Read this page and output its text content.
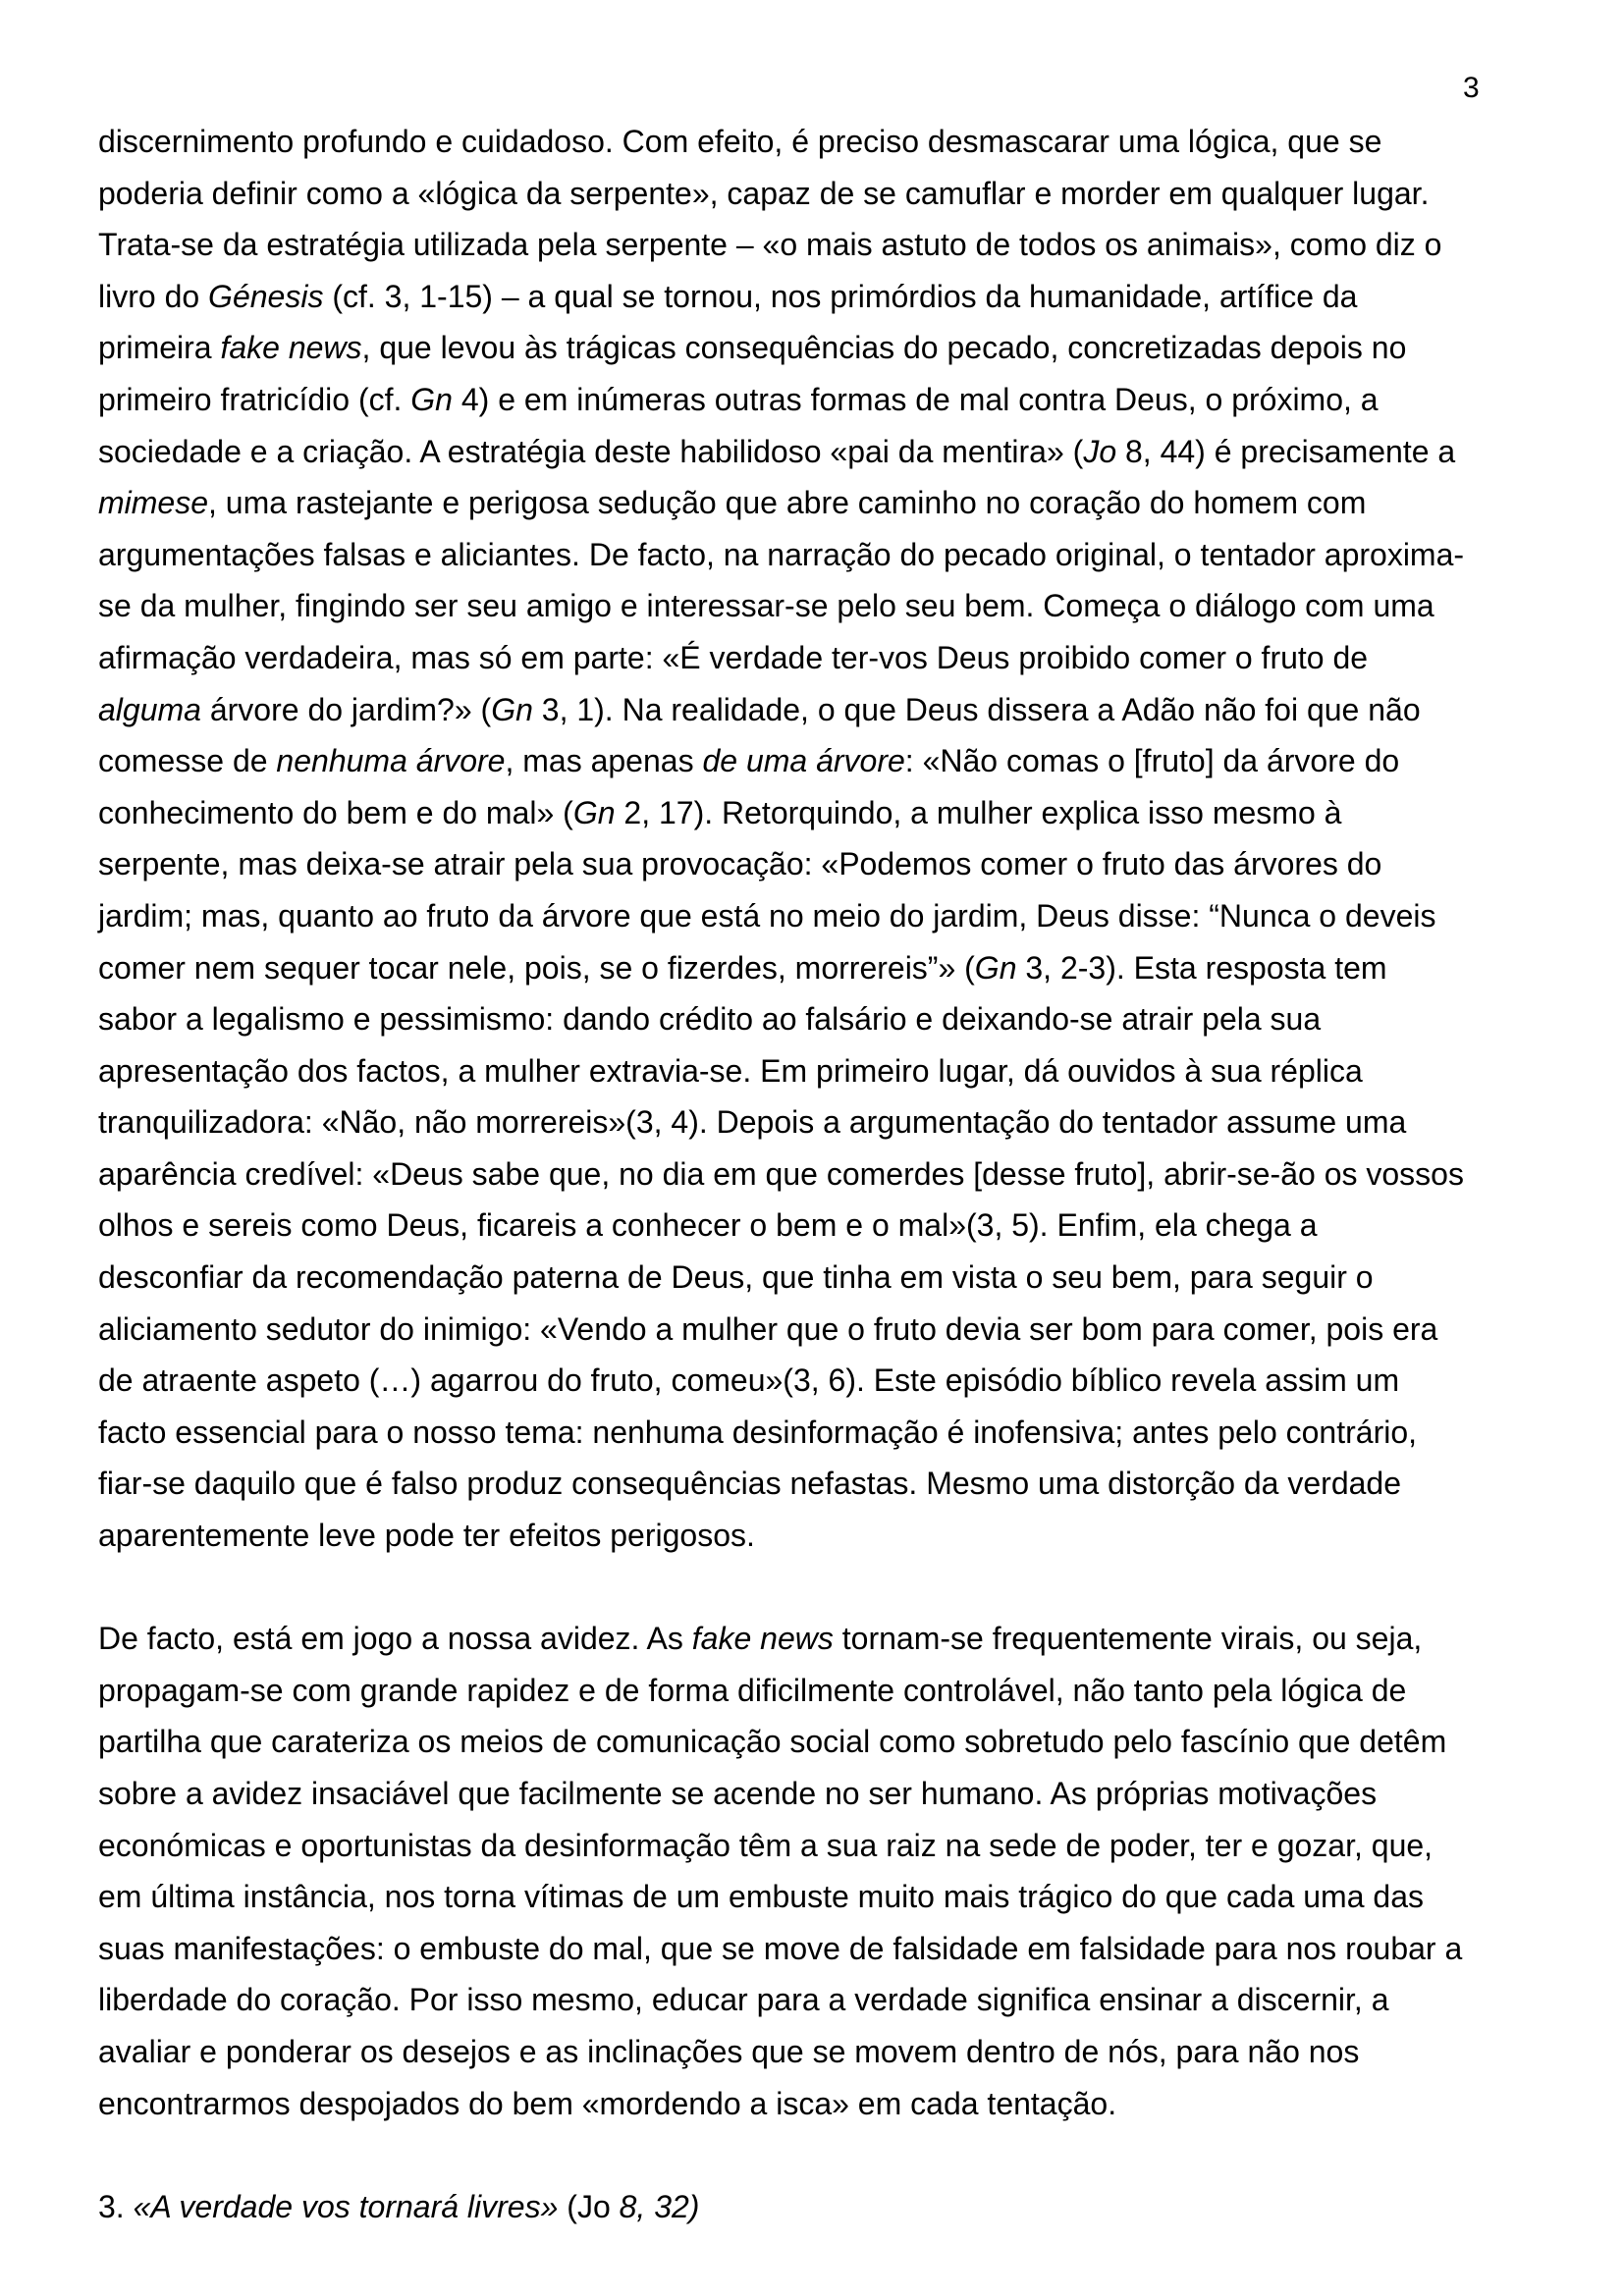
3
discernimento profundo e cuidadoso. Com efeito, é preciso desmascarar uma lógica, que se
poderia definir como a «lógica da serpente», capaz de se camuflar e morder em qualquer lugar.
Trata-se da estratégia utilizada pela serpente – «o mais astuto de todos os animais», como diz o
livro do Génesis (cf. 3, 1-15) – a qual se tornou, nos primórdios da humanidade, artífice da
primeira fake news, que levou às trágicas consequências do pecado, concretizadas depois no
primeiro fratricídio (cf. Gn 4) e em inúmeras outras formas de mal contra Deus, o próximo, a
sociedade e a criação. A estratégia deste habilidoso «pai da mentira» (Jo 8, 44) é precisamente a
mimese, uma rastejante e perigosa sedução que abre caminho no coração do homem com
argumentações falsas e aliciantes. De facto, na narração do pecado original, o tentador aproxima-
se da mulher, fingindo ser seu amigo e interessar-se pelo seu bem. Começa o diálogo com uma
afirmação verdadeira, mas só em parte: «É verdade ter-vos Deus proibido comer o fruto de
alguma árvore do jardim?» (Gn 3, 1). Na realidade, o que Deus dissera a Adão não foi que não
comesse de nenhuma árvore, mas apenas de uma árvore: «Não comas o [fruto] da árvore do
conhecimento do bem e do mal» (Gn 2, 17). Retorquindo, a mulher explica isso mesmo à
serpente, mas deixa-se atrair pela sua provocação: «Podemos comer o fruto das árvores do
jardim; mas, quanto ao fruto da árvore que está no meio do jardim, Deus disse: “Nunca o deveis
comer nem sequer tocar nele, pois, se o fizerdes, morrereis”» (Gn 3, 2-3). Esta resposta tem
sabor a legalismo e pessimismo: dando crédito ao falsário e deixando-se atrair pela sua
apresentação dos factos, a mulher extravia-se. Em primeiro lugar, dá ouvidos à sua réplica
tranquilizadora: «Não, não morrereis»(3, 4). Depois a argumentação do tentador assume uma
aparência credível: «Deus sabe que, no dia em que comerdes [desse fruto], abrir-se-ão os vossos
olhos e sereis como Deus, ficareis a conhecer o bem e o mal»(3, 5). Enfim, ela chega a
desconfiar da recomendação paterna de Deus, que tinha em vista o seu bem, para seguir o
aliciamento sedutor do inimigo: «Vendo a mulher que o fruto devia ser bom para comer, pois era
de atraente aspeto (…) agarrou do fruto, comeu»(3, 6). Este episódio bíblico revela assim um
facto essencial para o nosso tema: nenhuma desinformação é inofensiva; antes pelo contrário,
fiar-se daquilo que é falso produz consequências nefastas. Mesmo uma distorção da verdade
aparentemente leve pode ter efeitos perigosos.
De facto, está em jogo a nossa avidez. As fake news tornam-se frequentemente virais, ou seja,
propagam-se com grande rapidez e de forma dificilmente controlável, não tanto pela lógica de
partilha que carateriza os meios de comunicação social como sobretudo pelo fascínio que detêm
sobre a avidez insaciável que facilmente se acende no ser humano. As próprias motivações
económicas e oportunistas da desinformação têm a sua raiz na sede de poder, ter e gozar, que,
em última instância, nos torna vítimas de um embuste muito mais trágico do que cada uma das
suas manifestações: o embuste do mal, que se move de falsidade em falsidade para nos roubar a
liberdade do coração. Por isso mesmo, educar para a verdade significa ensinar a discernir, a
avaliar e ponderar os desejos e as inclinações que se movem dentro de nós, para não nos
encontrarmos despojados do bem «mordendo a isca» em cada tentação.
3. «A verdade vos tornará livres» (Jo 8, 32)
